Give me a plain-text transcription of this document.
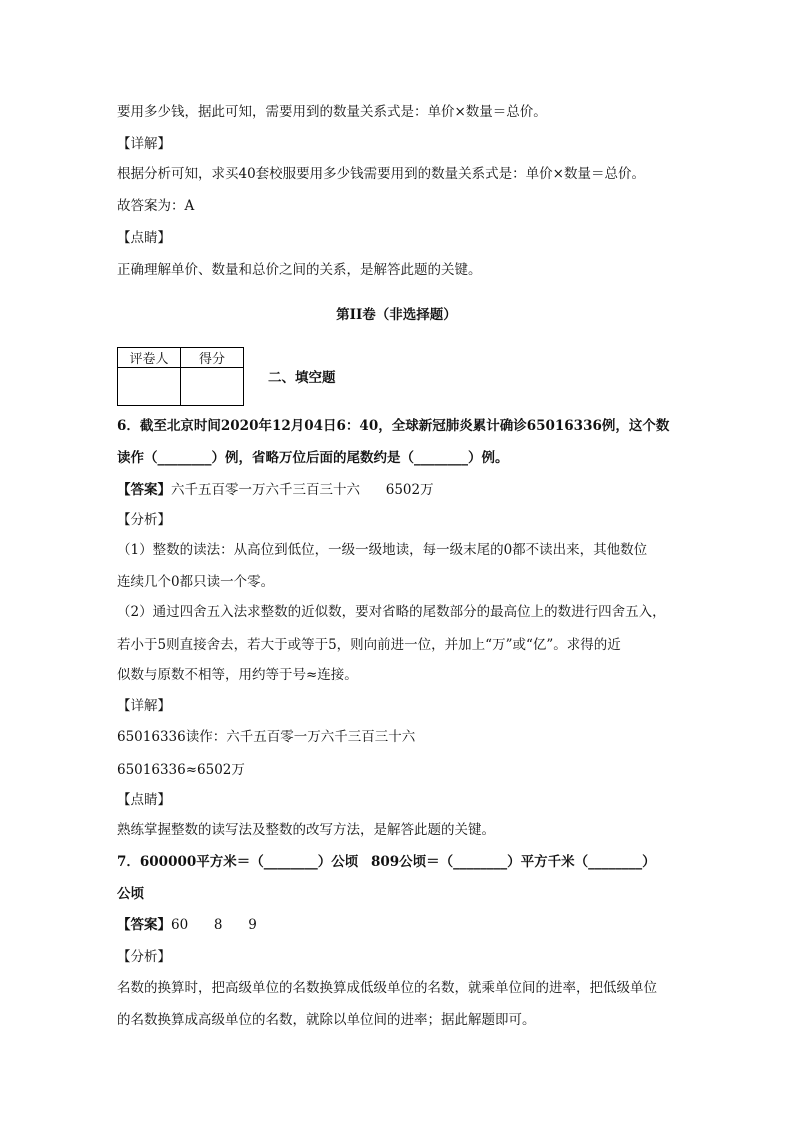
要用多少钱，据此可知，需要用到的数量关系式是：单价×数量＝总价。
【详解】
根据分析可知，求买40套校服要用多少钱需要用到的数量关系式是：单价×数量＝总价。
故答案为：A
【点睛】
正确理解单价、数量和总价之间的关系，是解答此题的关键。
第II卷（非选择题）
评卷人	得分

二、填空题
6．截至北京时间2020年12月04日6：40，全球新冠肺炎累计确诊65016336例，这个数
读作（________）例，省略万位后面的尾数约是（________）例。
【答案】六千五百零一万六千三百三十六      6502万
【分析】
（1）整数的读法：从高位到低位，一级一级地读，每一级末尾的0都不读出来，其他数位
连续几个0都只读一个零。
（2）通过四舍五入法求整数的近似数，要对省略的尾数部分的最高位上的数进行四舍五入，
若小于5则直接舍去，若大于或等于5，则向前进一位，并加上“万”或“亿”。求得的近
似数与原数不相等，用约等于号≈连接。
【详解】
65016336读作：六千五百零一万六千三百三十六
65016336≈6502万
【点睛】
熟练掌握整数的读写法及整数的改写方法，是解答此题的关键。
7．600000平方米＝（________）公顷 809公顷＝（________）平方千米（________）
公顷
【答案】60      8      9
【分析】
名数的换算时，把高级单位的名数换算成低级单位的名数，就乘单位间的进率，把低级单位
的名数换算成高级单位的名数，就除以单位间的进率；据此解题即可。
